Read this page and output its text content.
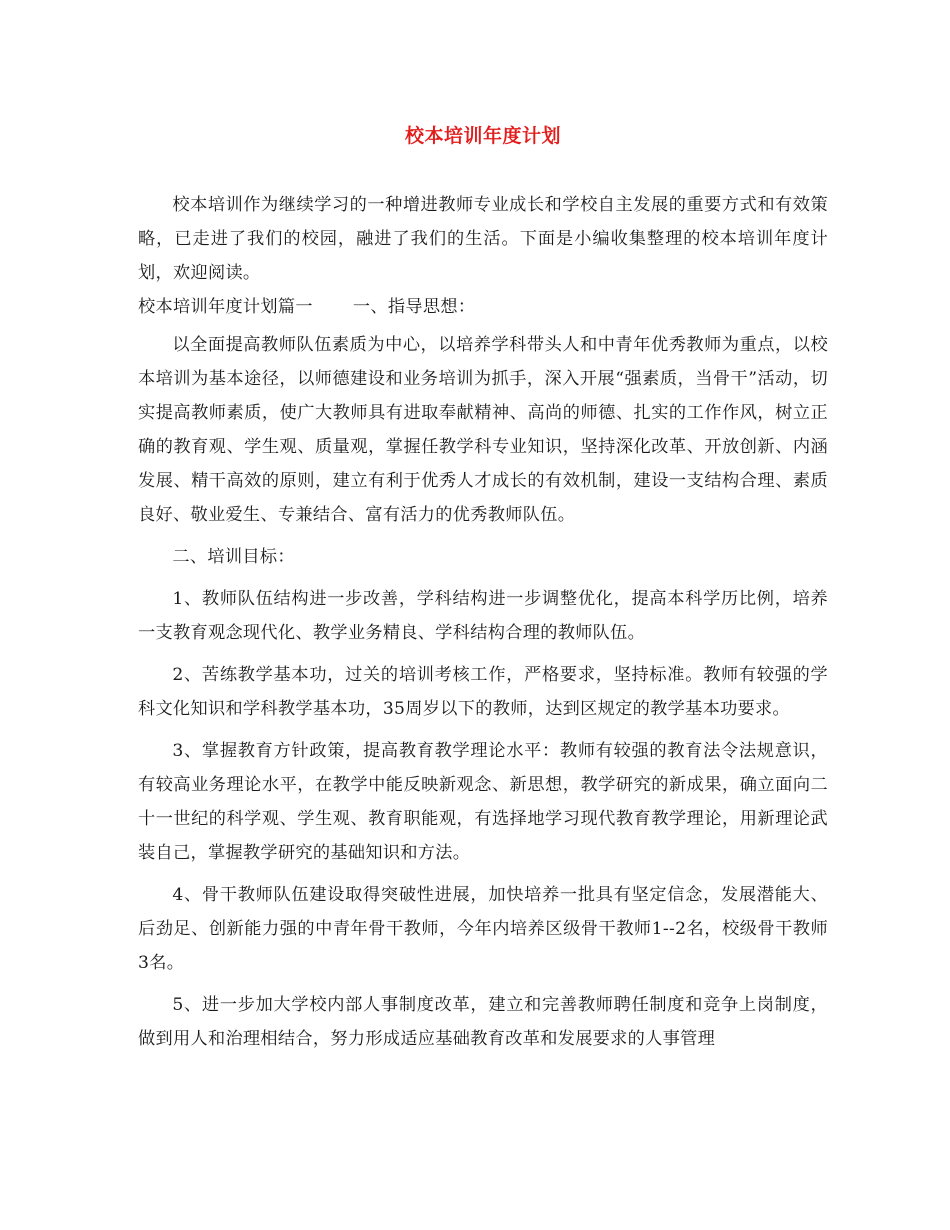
校本培训年度计划

校本培训作为继续学习的一种增进教师专业成长和学校自主发展的重要方式和有效策略，已走进了我们的校园，融进了我们的生活。下面是小编收集整理的校本培训年度计划，欢迎阅读。

校本培训年度计划篇一 一、指导思想：

以全面提高教师队伍素质为中心，以培养学科带头人和中青年优秀教师为重点，以校本培训为基本途径，以师德建设和业务培训为抓手，深入开展“强素质，当骨干”活动，切实提高教师素质，使广大教师具有进取奉献精神、高尚的师德、扎实的工作作风，树立正确的教育观、学生观、质量观，掌握任教学科专业知识，坚持深化改革、开放创新、内涵发展、精干高效的原则，建立有利于优秀人才成长的有效机制，建设一支结构合理、素质良好、敬业爱生、专兼结合、富有活力的优秀教师队伍。

二、培训目标：

1、教师队伍结构进一步改善，学科结构进一步调整优化，提高本科学历比例，培养一支教育观念现代化、教学业务精良、学科结构合理的教师队伍。

2、苦练教学基本功，过关的培训考核工作，严格要求，坚持标准。教师有较强的学科文化知识和学科教学基本功，35周岁以下的教师，达到区规定的教学基本功要求。

3、掌握教育方针政策，提高教育教学理论水平：教师有较强的教育法令法规意识，有较高业务理论水平，在教学中能反映新观念、新思想，教学研究的新成果，确立面向二十一世纪的科学观、学生观、教育职能观，有选择地学习现代教育教学理论，用新理论武装自己，掌握教学研究的基础知识和方法。

4、骨干教师队伍建设取得突破性进展，加快培养一批具有坚定信念，发展潜能大、后劲足、创新能力强的中青年骨干教师，今年内培养区级骨干教师1--2名，校级骨干教师3名。

5、进一步加大学校内部人事制度改革，建立和完善教师聘任制度和竞争上岗制度，做到用人和治理相结合，努力形成适应基础教育改革和发展要求的人事管理
